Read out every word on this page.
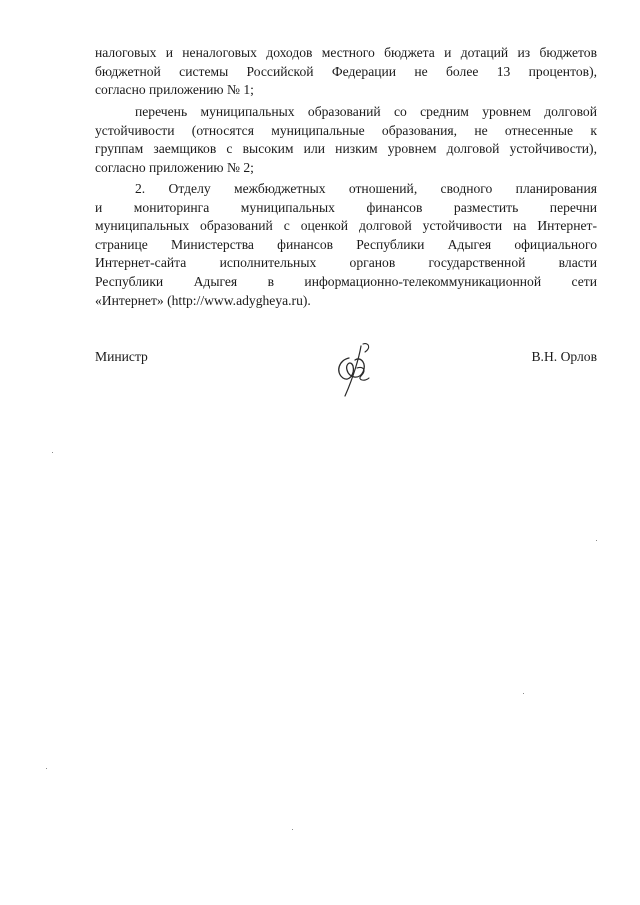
налоговых и неналоговых доходов местного бюджета и дотаций из бюджетов
бюджетной системы Российской Федерации не более 13 процентов),
согласно приложению № 1;
перечень муниципальных образований со средним уровнем долговой
устойчивости (относятся муниципальные образования, не отнесенные к
группам заемщиков с высоким или низким уровнем долговой устойчивости),
согласно приложению № 2;
2. Отделу межбюджетных отношений, сводного планирования
и мониторинга муниципальных финансов разместить перечни
муниципальных образований с оценкой долговой устойчивости на Интернет-
странице Министерства финансов Республики Адыгея официального
Интернет-сайта исполнительных органов государственной власти
Республики Адыгея в информационно-телекоммуникационной сети
«Интернет» (http://www.adygheya.ru).
Министр	В.Н. Орлов
